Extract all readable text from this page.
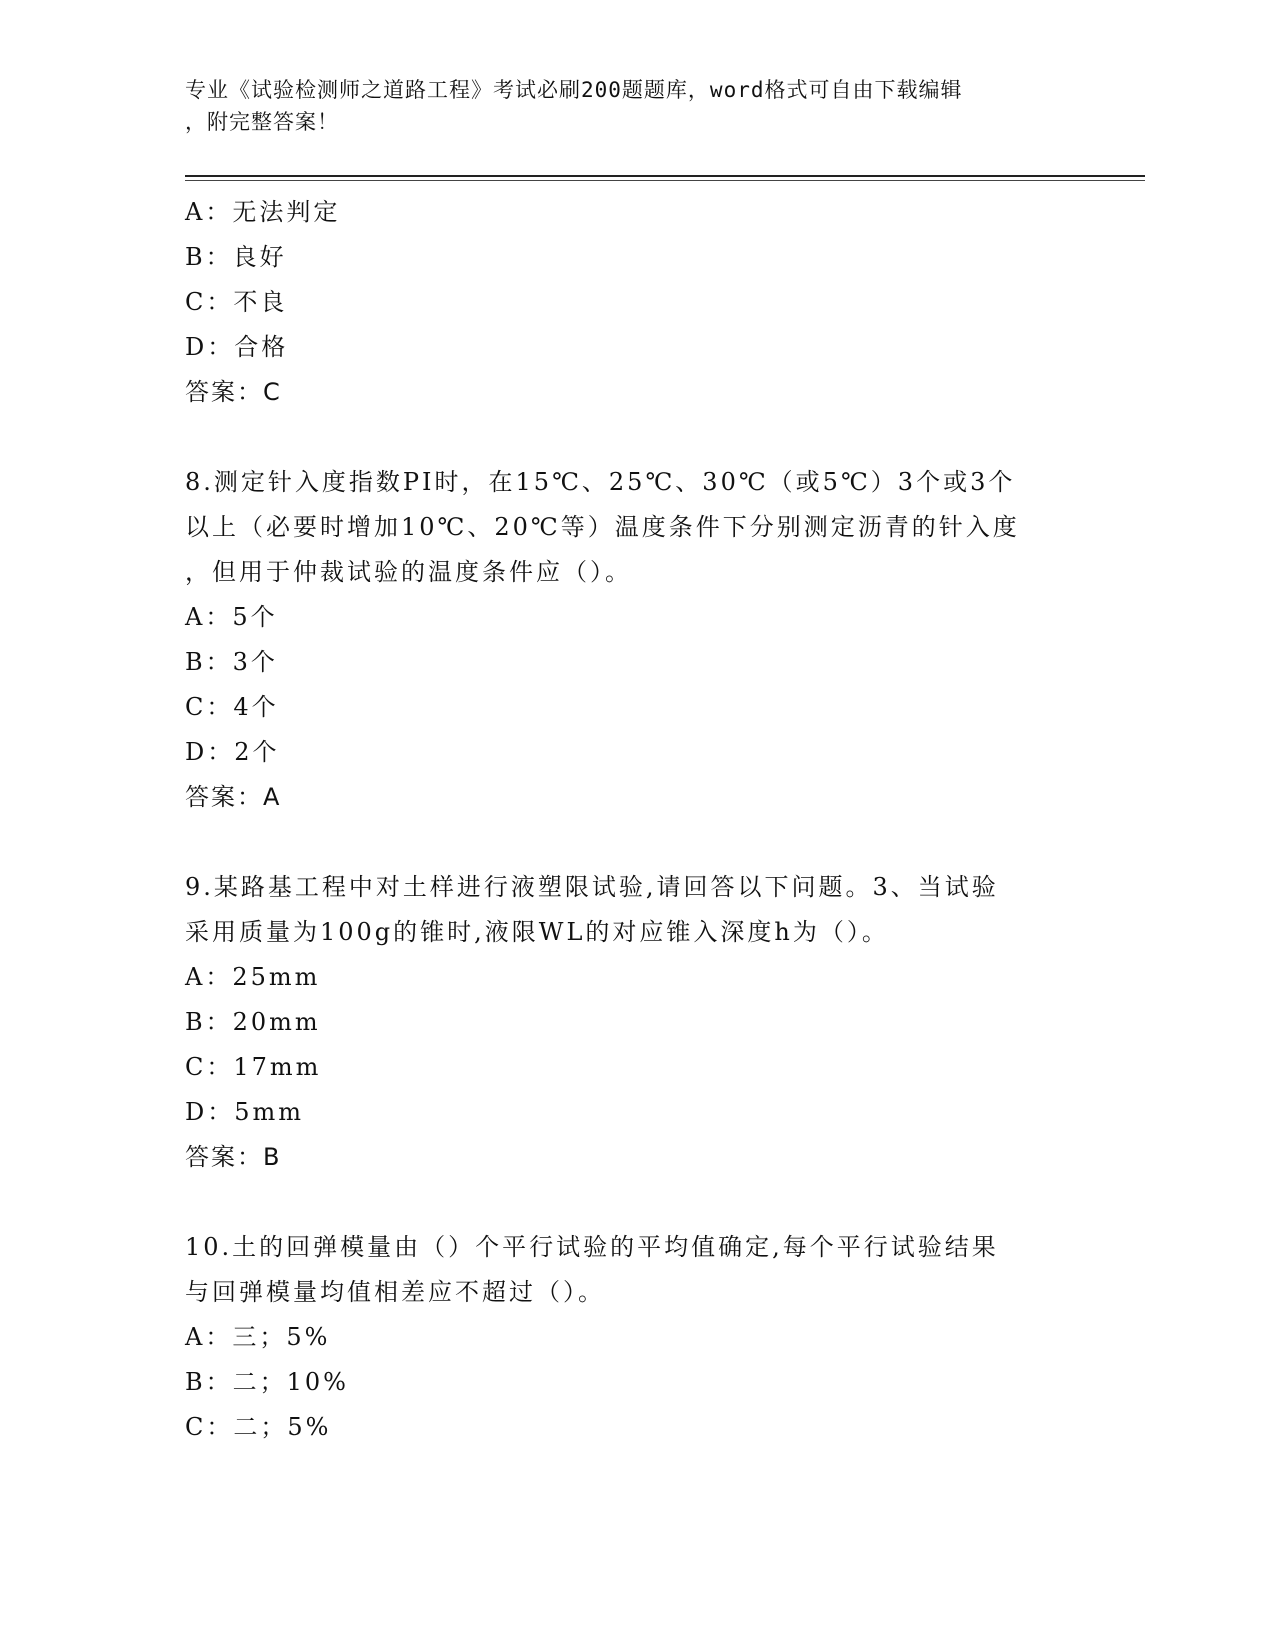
专业《试验检测师之道路工程》考试必刷200题题库，word格式可自由下载编辑
，附完整答案！
A：无法判定
B：良好
C：不良
D：合格
答案：C
8.测定针入度指数PI时，在15℃、25℃、30℃（或5℃）3个或3个
以上（必要时增加10℃、20℃等）温度条件下分别测定沥青的针入度
，但用于仲裁试验的温度条件应（）。
A：5个
B：3个
C：4个
D：2个
答案：A
9.某路基工程中对土样进行液塑限试验,请回答以下问题。3、当试验
采用质量为100g的锥时,液限WL的对应锥入深度h为（）。
A：25mm
B：20mm
C：17mm
D：5mm
答案：B
10.土的回弹模量由（）个平行试验的平均值确定,每个平行试验结果
与回弹模量均值相差应不超过（）。
A：三；5%
B：二；10%
C：二；5%
